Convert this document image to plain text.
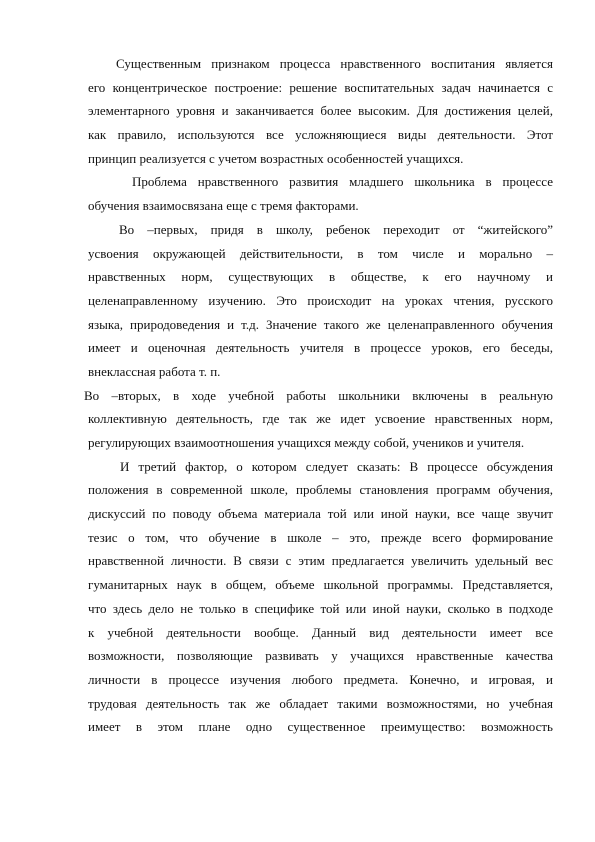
Существенным признаком процесса нравственного воспитания является
его концентрическое построение: решение воспитательных задач начинается с
элементарного уровня и заканчивается более высоким. Для достижения целей,
как правило, используются все усложняющиеся виды деятельности. Этот
принцип реализуется с учетом возрастных особенностей учащихся.
Проблема нравственного развития младшего школьника в процессе
обучения взаимосвязана еще с тремя факторами.
Во –первых, придя в школу, ребенок переходит от “житейского”
усвоения окружающей действительности, в том числе и морально –
нравственных норм, существующих в обществе, к его научному и
целенаправленному изучению. Это происходит на уроках чтения, русского
языка, природоведения и т.д. Значение такого же целенаправленного обучения
имеет и оценочная деятельность учителя в процессе уроков, его беседы,
внеклассная работа т. п.
Во –вторых, в ходе учебной работы школьники включены в реальную
коллективную деятельность, где так же идет усвоение нравственных норм,
регулирующих взаимоотношения учащихся между собой, учеников и учителя.
И третий фактор, о котором следует сказать: В процессе обсуждения
положения в современной школе, проблемы становления программ обучения,
дискуссий по поводу объема материала той или иной науки, все чаще звучит
тезис о том, что обучение в школе – это, прежде всего формирование
нравственной личности. В связи с этим предлагается увеличить удельный вес
гуманитарных наук в общем, объеме школьной программы. Представляется,
что здесь дело не только в специфике той или иной науки, сколько в подходе
к учебной деятельности вообще. Данный вид деятельности имеет все
возможности, позволяющие развивать у учащихся нравственные качества
личности в процессе изучения любого предмета. Конечно, и игровая, и
трудовая деятельность так же обладает такими возможностями, но учебная
имеет в этом плане одно существенное преимущество: возможность
